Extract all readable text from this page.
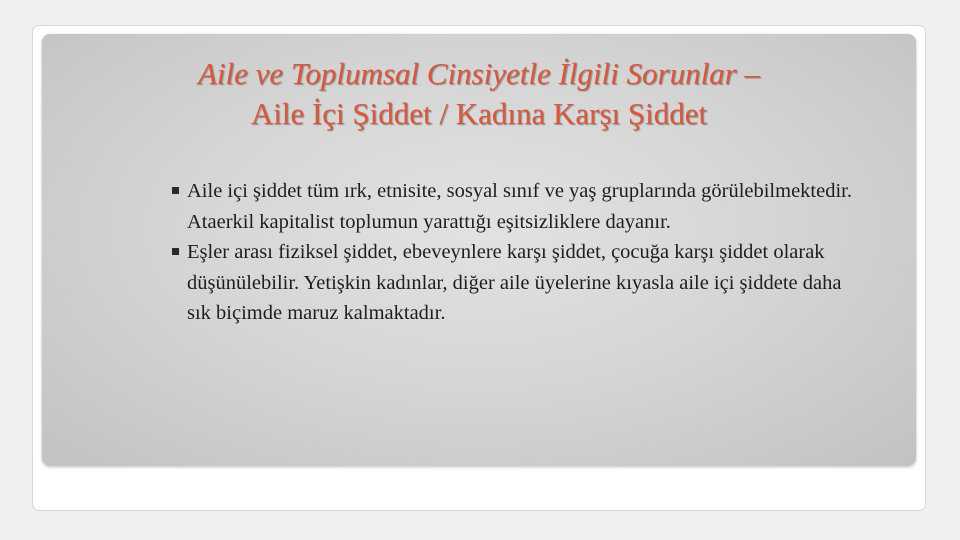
Aile ve Toplumsal Cinsiyetle İlgili Sorunlar –
Aile İçi Şiddet / Kadına Karşı Şiddet
Aile içi şiddet tüm ırk, etnisite, sosyal sınıf ve yaş gruplarında görülebilmektedir. Ataerkil kapitalist toplumun yarattığı eşitsizliklere dayanır.
Eşler arası fiziksel şiddet, ebeveynlere karşı şiddet, çocuğa karşı şiddet olarak düşünülebilir. Yetişkin kadınlar, diğer aile üyelerine kıyasla aile içi şiddete daha sık biçimde maruz kalmaktadır.
